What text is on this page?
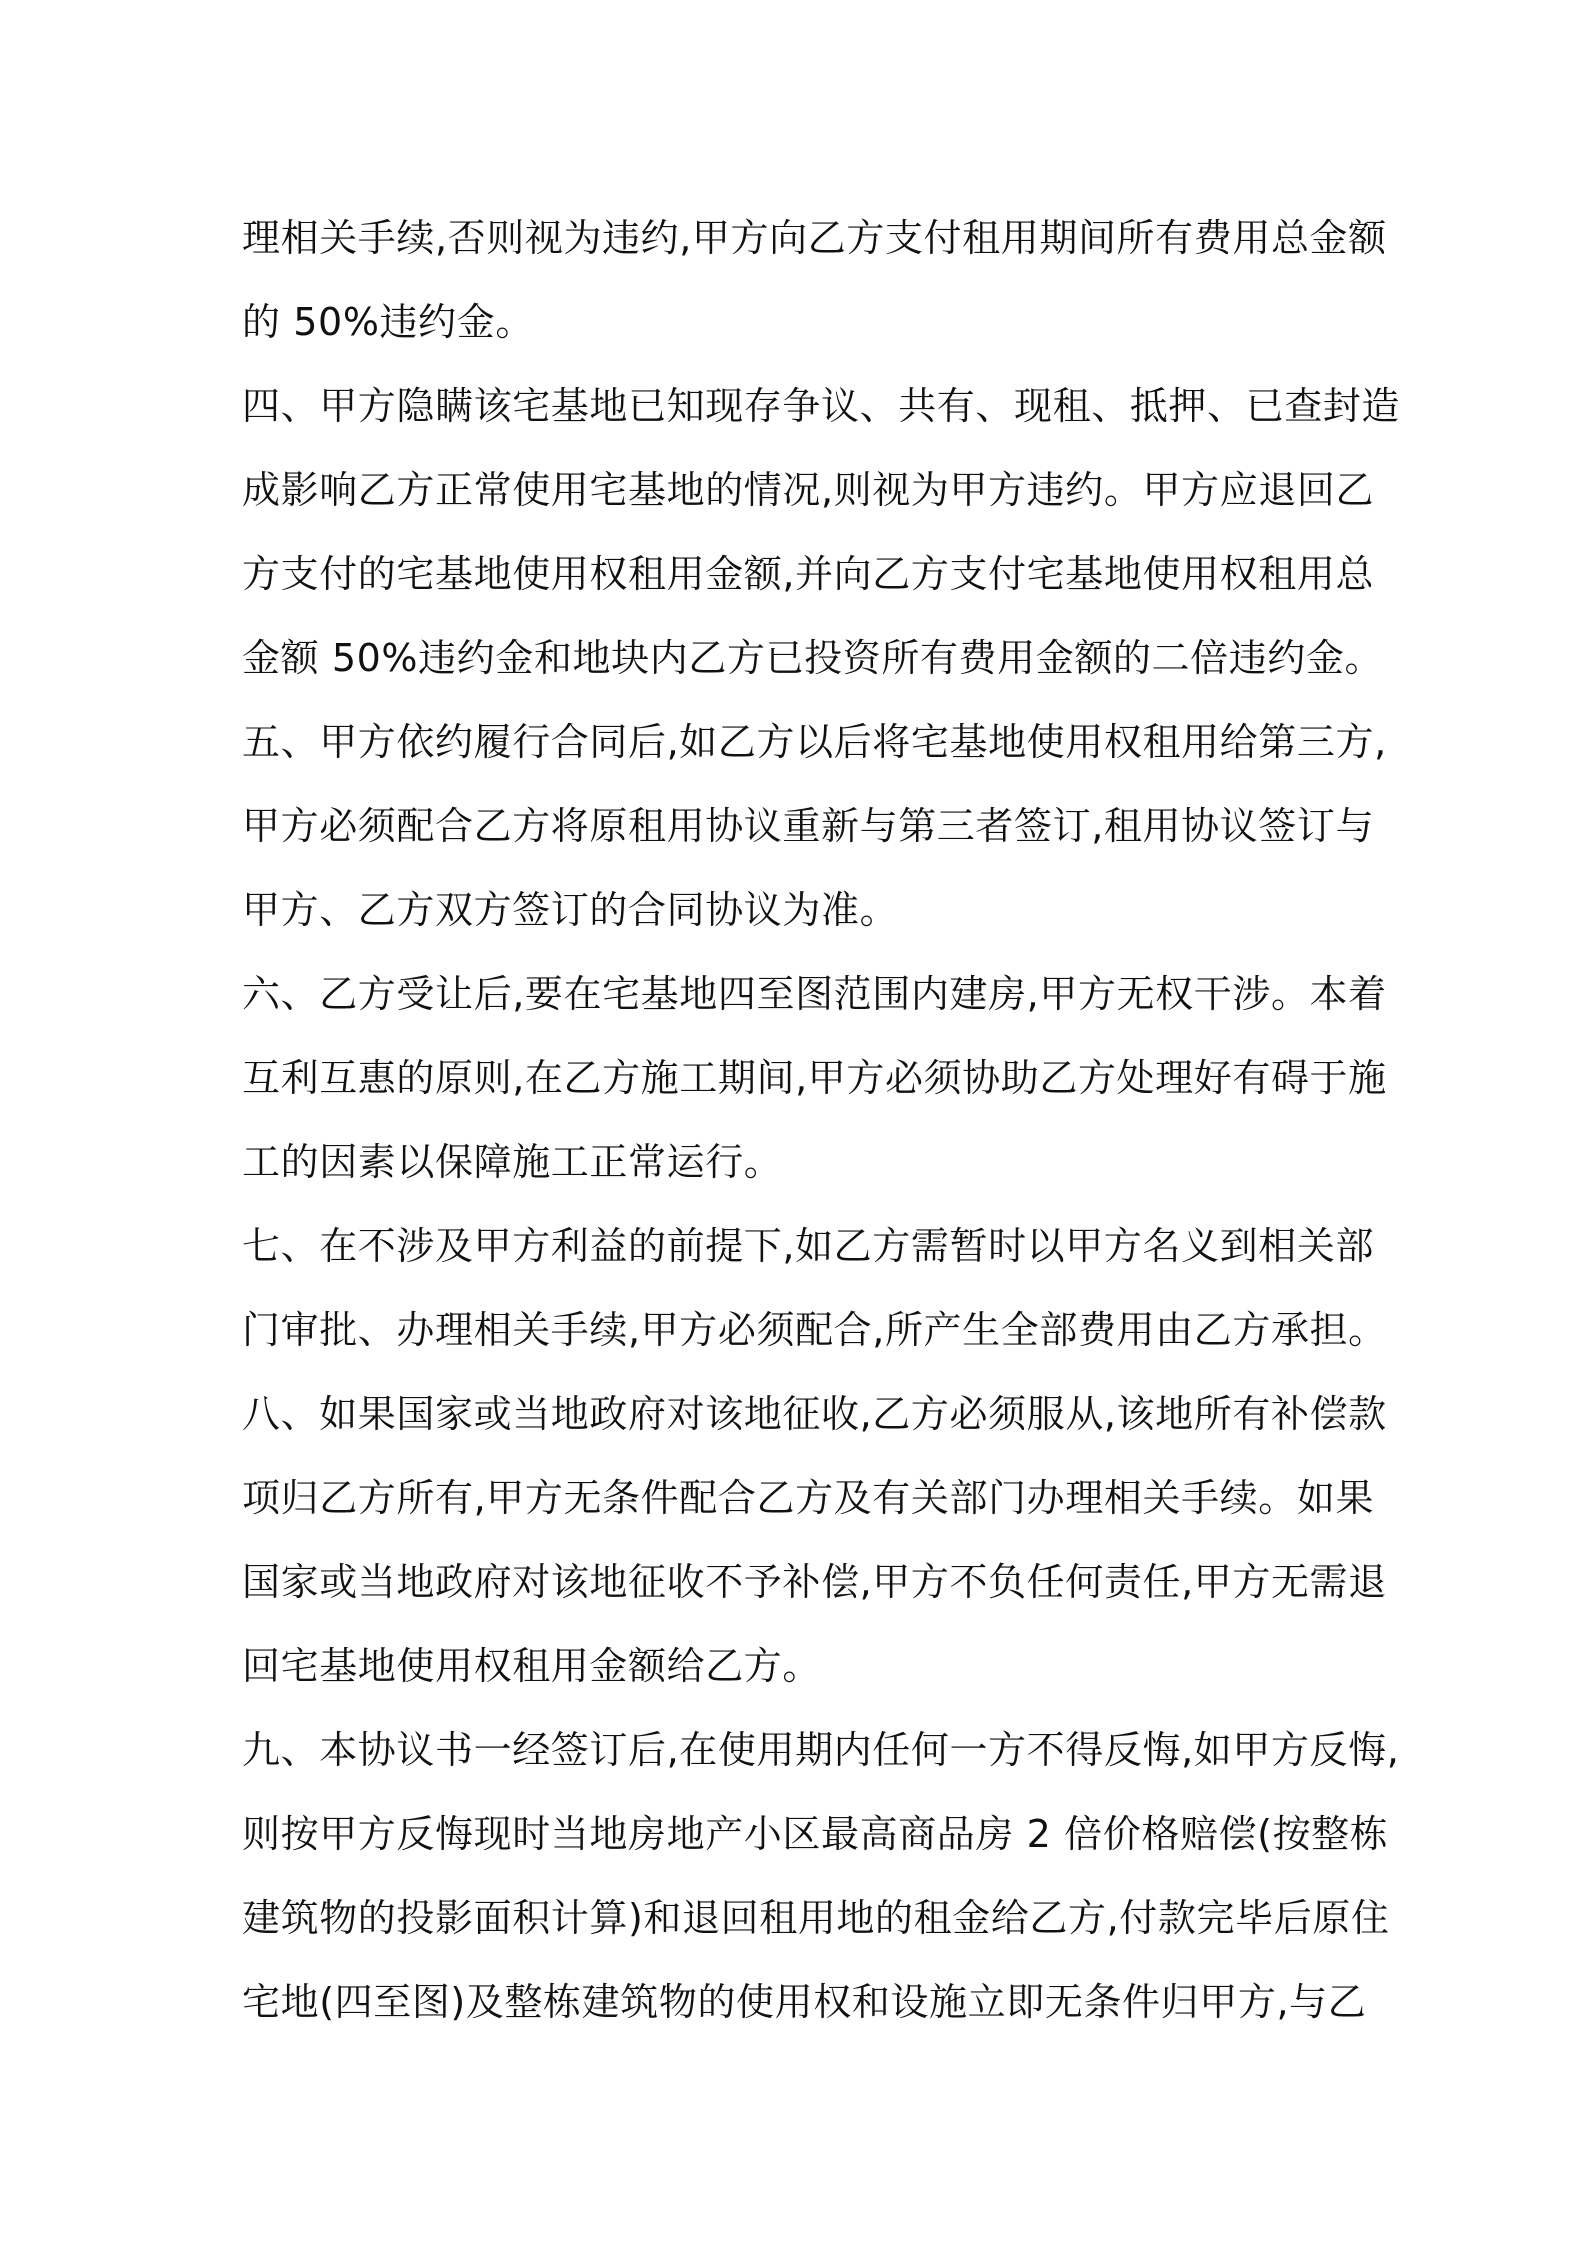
理相关手续,否则视为违约,甲方向乙方支付租用期间所有费用总金额
的 50%违约金。
四、甲方隐瞒该宅基地已知现存争议、共有、现租、抵押、已查封造
成影响乙方正常使用宅基地的情况,则视为甲方违约。甲方应退回乙
方支付的宅基地使用权租用金额,并向乙方支付宅基地使用权租用总
金额 50%违约金和地块内乙方已投资所有费用金额的二倍违约金。
五、甲方依约履行合同后,如乙方以后将宅基地使用权租用给第三方,
甲方必须配合乙方将原租用协议重新与第三者签订,租用协议签订与
甲方、乙方双方签订的合同协议为准。
六、乙方受让后,要在宅基地四至图范围内建房,甲方无权干涉。本着
互利互惠的原则,在乙方施工期间,甲方必须协助乙方处理好有碍于施
工的因素以保障施工正常运行。
七、在不涉及甲方利益的前提下,如乙方需暂时以甲方名义到相关部
门审批、办理相关手续,甲方必须配合,所产生全部费用由乙方承担。
八、如果国家或当地政府对该地征收,乙方必须服从,该地所有补偿款
项归乙方所有,甲方无条件配合乙方及有关部门办理相关手续。如果
国家或当地政府对该地征收不予补偿,甲方不负任何责任,甲方无需退
回宅基地使用权租用金额给乙方。
九、本协议书一经签订后,在使用期内任何一方不得反悔,如甲方反悔,
则按甲方反悔现时当地房地产小区最高商品房 2 倍价格赔偿(按整栋
建筑物的投影面积计算)和退回租用地的租金给乙方,付款完毕后原住
宅地(四至图)及整栋建筑物的使用权和设施立即无条件归甲方,与乙
